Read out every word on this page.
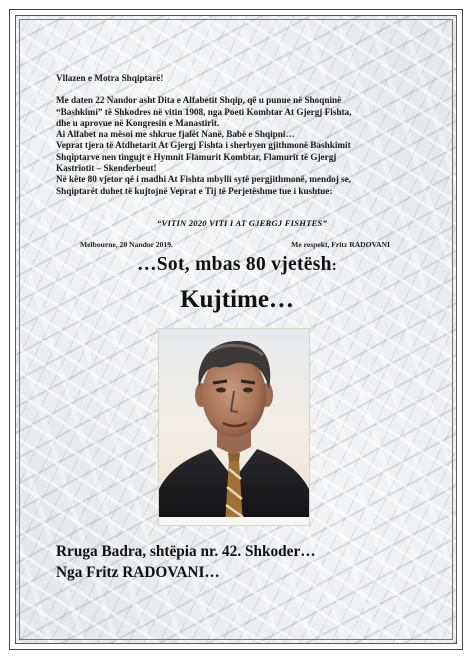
Vllazen e Motra Shqiptarë!

Me daten 22 Nandor asht Dita e Alfabetit Shqip, që u punue në Shoqninë

“Bashkimi” të Shkodres në vitin 1908, nga Poeti Kombtar At Gjergj Fishta,

dhe u aprovue në Kongresin e Manastirit.

Ai Alfabet na mësoi me shkrue fjalët Nanë, Babë e Shqipni…

Veprat tjera të Atdhetarit At Gjergj Fishta i sherbyen gjithmonë Bashkimit

Shqiptarve nen tingujt e Hymnit Flamurit Kombtar, Flamurit të Gjergj

Kastriotit – Skenderbeut!

Në këte 80 vjetor që i madhi At Fishta mbylli sytë pergjithmonë, mendoj se,

Shqiptarët duhet të kujtojnë Veprat e Tij të Perjetëshme tue i kushtue:

“VITIN 2020 VITI I AT GJERGJ FISHTES”
Melbourne, 20 Nandor 2019.	Me respekt, Fritz RADOVANI
…Sot, mbas 80 vjetësh:
Kujtime…
Rruga Badra, shtëpia nr. 42. Shkoder…
Nga Fritz RADOVANI…
